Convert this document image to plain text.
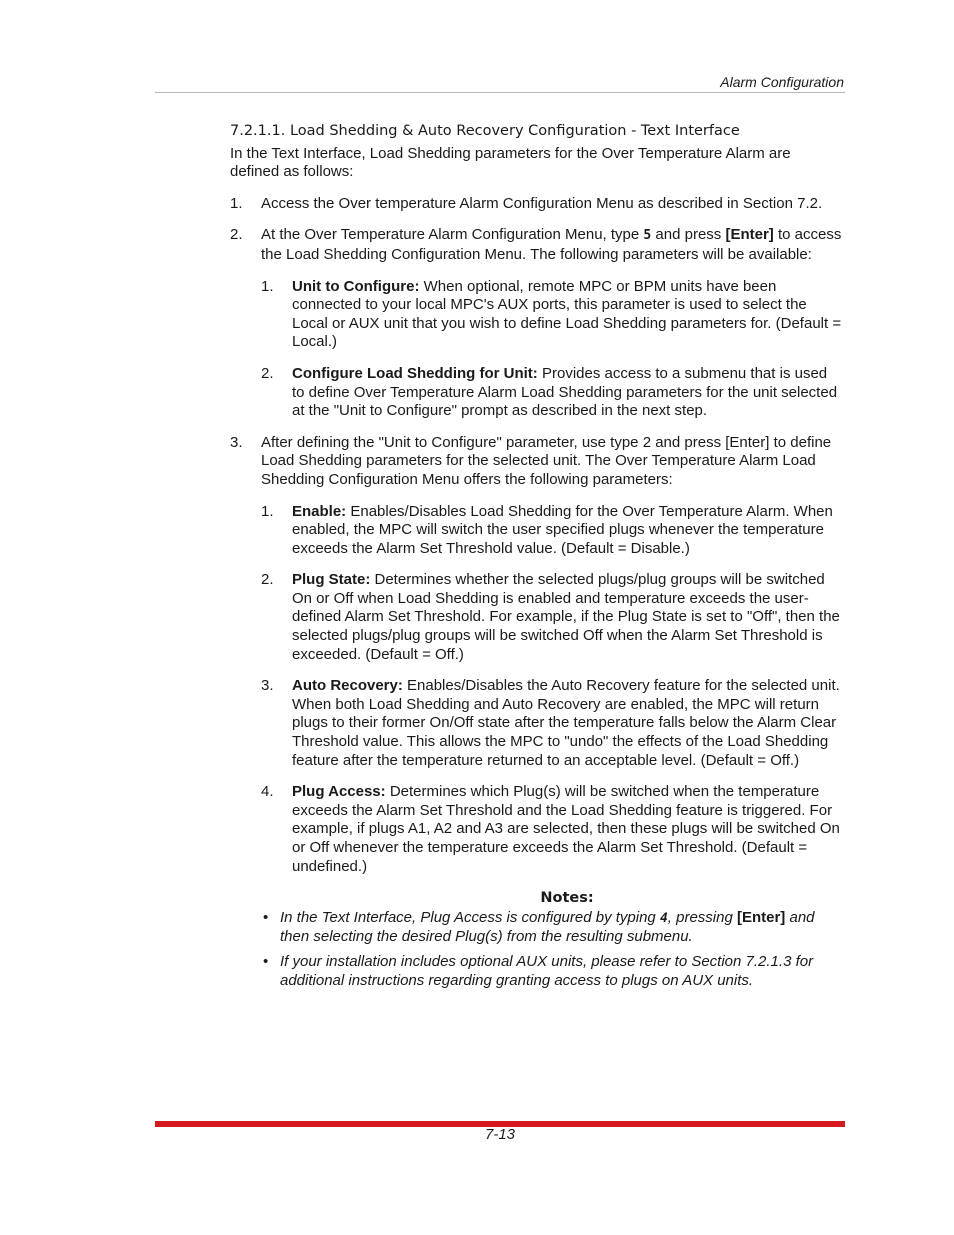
Alarm Configuration
7.2.1.1. Load Shedding & Auto Recovery Configuration - Text Interface
In the Text Interface, Load Shedding parameters for the Over Temperature Alarm are defined as follows:
1. Access the Over temperature Alarm Configuration Menu as described in Section 7.2.
2. At the Over Temperature Alarm Configuration Menu, type 5 and press [Enter] to access the Load Shedding Configuration Menu. The following parameters will be available:
1. Unit to Configure: When optional, remote MPC or BPM units have been connected to your local MPC's AUX ports, this parameter is used to select the Local or AUX unit that you wish to define Load Shedding parameters for. (Default = Local.)
2. Configure Load Shedding for Unit: Provides access to a submenu that is used to define Over Temperature Alarm Load Shedding parameters for the unit selected at the "Unit to Configure" prompt as described in the next step.
3. After defining the "Unit to Configure" parameter, use type 2 and press [Enter] to define Load Shedding parameters for the selected unit. The Over Temperature Alarm Load Shedding Configuration Menu offers the following parameters:
1. Enable: Enables/Disables Load Shedding for the Over Temperature Alarm. When enabled, the MPC will switch the user specified plugs whenever the temperature exceeds the Alarm Set Threshold value. (Default = Disable.)
2. Plug State: Determines whether the selected plugs/plug groups will be switched On or Off when Load Shedding is enabled and temperature exceeds the user-defined Alarm Set Threshold. For example, if the Plug State is set to "Off", then the selected plugs/plug groups will be switched Off when the Alarm Set Threshold is exceeded. (Default = Off.)
3. Auto Recovery: Enables/Disables the Auto Recovery feature for the selected unit. When both Load Shedding and Auto Recovery are enabled, the MPC will return plugs to their former On/Off state after the temperature falls below the Alarm Clear Threshold value. This allows the MPC to "undo" the effects of the Load Shedding feature after the temperature returned to an acceptable level. (Default = Off.)
4. Plug Access: Determines which Plug(s) will be switched when the temperature exceeds the Alarm Set Threshold and the Load Shedding feature is triggered. For example, if plugs A1, A2 and A3 are selected, then these plugs will be switched On or Off whenever the temperature exceeds the Alarm Set Threshold. (Default = undefined.)
Notes:
• In the Text Interface, Plug Access is configured by typing 4, pressing [Enter] and then selecting the desired Plug(s) from the resulting submenu.
• If your installation includes optional AUX units, please refer to Section 7.2.1.3 for additional instructions regarding granting access to plugs on AUX units.
7-13
